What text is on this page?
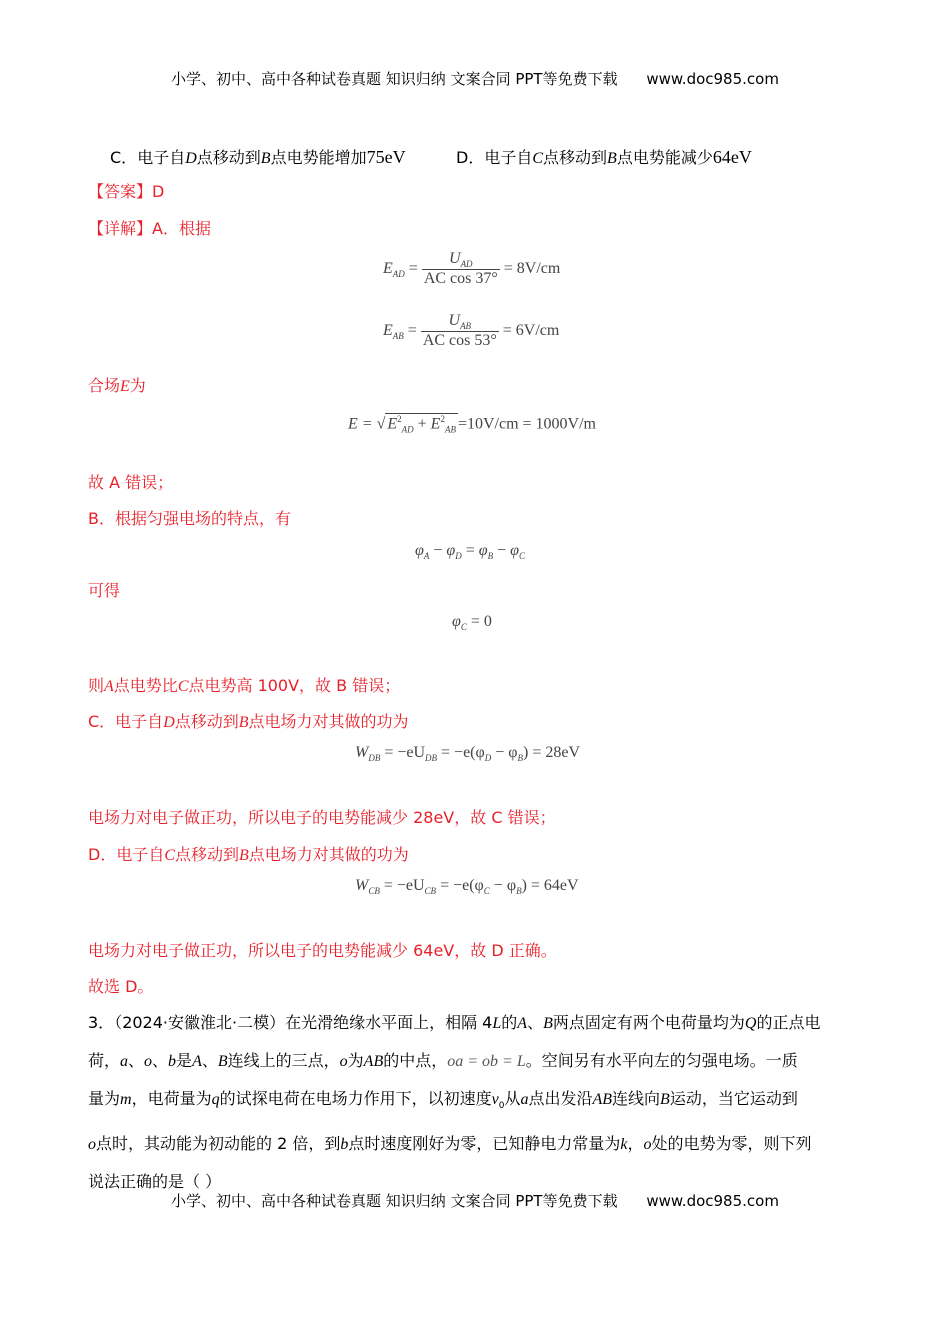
小学、初中、高中各种试卷真题 知识归纳 文案合同 PPT等免费下载 www.doc985.com
C．电子自D点移动到B点电势能增加75eV	D．电子自C点移动到B点电势能减少64eV
【答案】D
【详解】A．根据
$E_{AD} = \frac{U_{AD}}{\text{AC cos 37°}} = 8V/cm$
$E_{AB} = \frac{U_{AB}}{\text{AC cos 53°}} = 6V/cm$
合场E为
E = √ $E^2_{AD} + E^2_{AB} =10V/cm = 1000V/m$
故 A 错误；
B．根据匀强电场的特点，有
$\varphi_A - \varphi_D = \varphi_B - \varphi_C$
可得
$\varphi_C = 0$
则A点电势比C点电势高 100V，故 B 错误；
C．电子自D点移动到B点电场力对其做的功为
$W_{DB} = -eU_{DB} = -e(\varphi_D - \varphi_B) = 28eV$
电场力对电子做正功，所以电子的电势能减少 28eV，故 C 错误；
D．电子自C点移动到B点电场力对其做的功为
$W_{CB} = -eU_{CB} = -e(\varphi_C - \varphi_B) = 64eV$
电场力对电子做正功，所以电子的电势能减少 64eV，故 D 正确。
故选 D。
3．（2024·安徽淮北·二模）在光滑绝缘水平面上，相隔 4L的A、B两点固定有两个电荷量均为Q的正点电
荷，a、o、b是A、B连线上的三点，o为AB的中点，oa = ob = L。空间另有水平向左的匀强电场。一质
量为m，电荷量为q的试探电荷在电场力作用下，以初速度$v_0$从a点出发沿AB连线向B运动，当它运动到
o点时，其动能为初动能的 2 倍，到b点时速度刚好为零，已知静电力常量为k，o处的电势为零，则下列
说法正确的是（ ）
小学、初中、高中各种试卷真题 知识归纳 文案合同 PPT等免费下载 www.doc985.com
